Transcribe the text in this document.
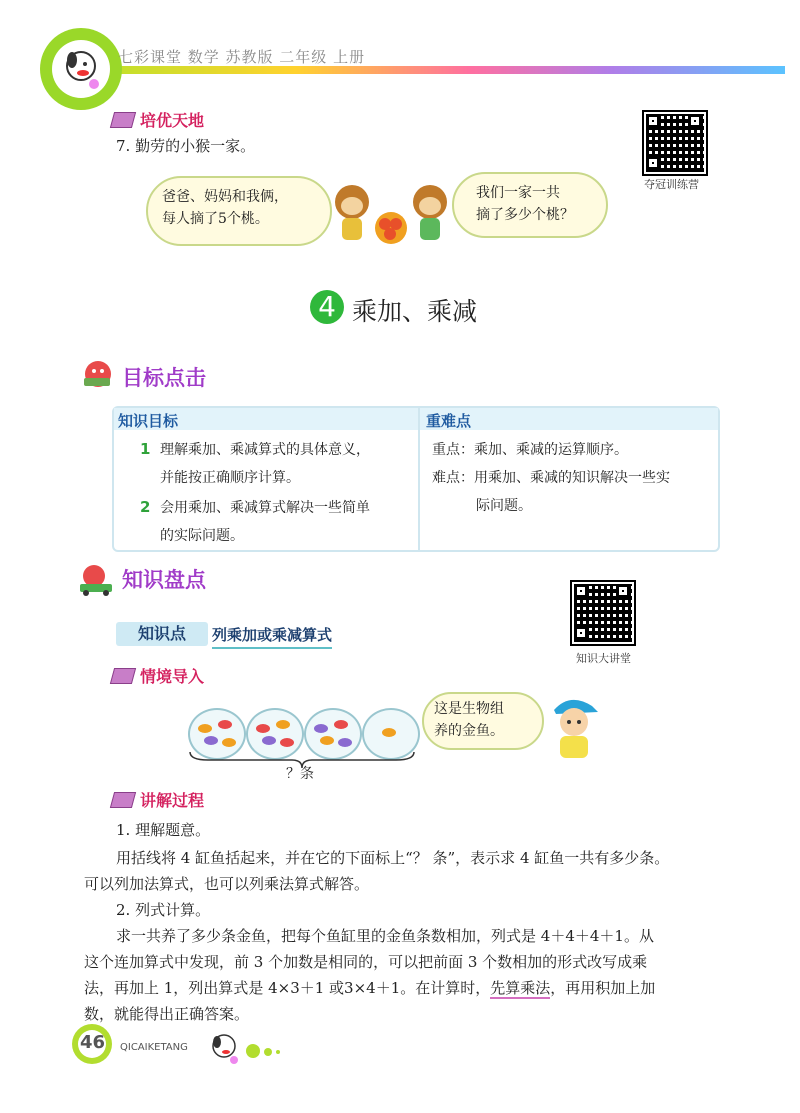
七彩课堂 数学 苏教版 二年级 上册
培优天地
7. 勤劳的小猴一家。
夺冠训练营
爸爸、妈妈和我俩，
每人摘了5个桃。
我们一家一共
摘了多少个桃？
4 乘加、乘减
目标点击
知识目标	重难点
1 理解乘加、乘减算式的具体意义，
并能按正确顺序计算。
2 会用乘加、乘减算式解决一些简单
的实际问题。
重点：乘加、乘减的运算顺序。
难点：用乘加、乘减的知识解决一些实
际问题。
知识盘点
知识大讲堂
知识点	列乘加或乘减算式
情境导入
？条
这是生物组
养的金鱼。
讲解过程
1. 理解题意。
用括线将 4 缸鱼括起来，并在它的下面标上“？ 条”，表示求 4 缸鱼一共有多少条。
可以列加法算式，也可以列乘法算式解答。
2. 列式计算。
求一共养了多少条金鱼，把每个鱼缸里的金鱼条数相加，列式是 4＋4＋4＋1。从
这个连加算式中发现，前 3 个加数是相同的，可以把前面 3 个数相加的形式改写成乘
法，再加上 1，列出算式是 4×3＋1 或3×4＋1。在计算时，先算乘法，再用积加上加
数，就能得出正确答案。
46 QICAIKETANG
